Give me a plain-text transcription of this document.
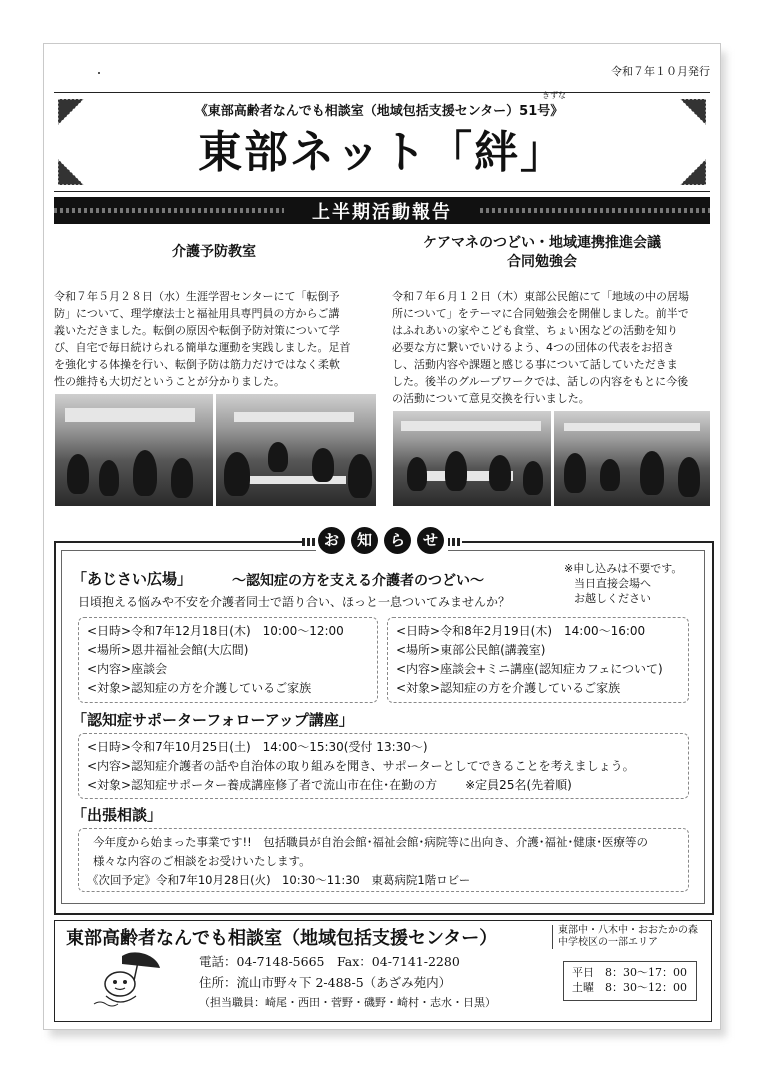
令和７年１０月発行
《東部高齢者なんでも相談室（地域包括支援センター）51号》
きずな
東部ネット「絆」
上半期活動報告
介護予防教室
令和７年５月２８日（水）生涯学習センターにて「転倒予
防」について、理学療法士と福祉用具専門員の方からご講
義いただきました。転倒の原因や転倒予防対策について学
び、自宅で毎日続けられる簡単な運動を実践しました。足首
を強化する体操を行い、転倒予防は筋力だけではなく柔軟
性の維持も大切だということが分かりました。
ケアマネのつどい・地域連携推進会議
合同勉強会
令和７年６月１２日（木）東部公民館にて「地域の中の居場
所について」をテーマに合同勉強会を開催しました。前半で
はふれあいの家やこども食堂、ちょい困などの活動を知り
必要な方に繋いでいけるよう、4つの団体の代表をお招き
し、活動内容や課題と感じる事について話していただきま
した。後半のグループワークでは、話しの内容をもとに今後
の活動について意見交換を行いました。
お	知	ら	せ
「あじさい広場」	～認知症の方を支える介護者のつどい～
※申し込みは不要です。
当日直接会場へ
お越しください
日頃抱える悩みや不安を介護者同士で語り合い、ほっと一息ついてみませんか？
<日時>令和7年12月18日(木)　10:00～12:00
<場所>恩井福祉会館(大広間)
<内容>座談会
<対象>認知症の方を介護しているご家族
<日時>令和8年2月19日(木)　14:00～16:00
<場所>東部公民館(講義室)
<内容>座談会+ミニ講座(認知症カフェについて)
<対象>認知症の方を介護しているご家族
「認知症サポーターフォローアップ講座」
<日時>令和7年10月25日(土)　14:00～15:30(受付 13:30～)
<内容>認知症介護者の話や自治体の取り組みを聞き、サポーターとしてできることを考えましょう。
<対象>認知症サポーター養成講座修了者で流山市在住･在勤の方 ※定員25名(先着順)
「出張相談」
今年度から始まった事業です!!　包括職員が自治会館･福祉会館･病院等に出向き、介護･福祉･健康･医療等の
様々な内容のご相談をお受けいたします。
《次回予定》令和7年10月28日(火)　10:30～11:30　東葛病院1階ロビー
東部高齢者なんでも相談室（地域包括支援センター）	東部中・八木中・おおたかの森
中学校区の一部エリア
電話：04-7148-5665　Fax：04-7141-2280
住所：流山市野々下 2-488-5（あざみ苑内）
（担当職員：崎尾・西田・菅野・磯野・崎村・志水・日黒）
平日　8：30～17：00
土曜　8：30～12：00
